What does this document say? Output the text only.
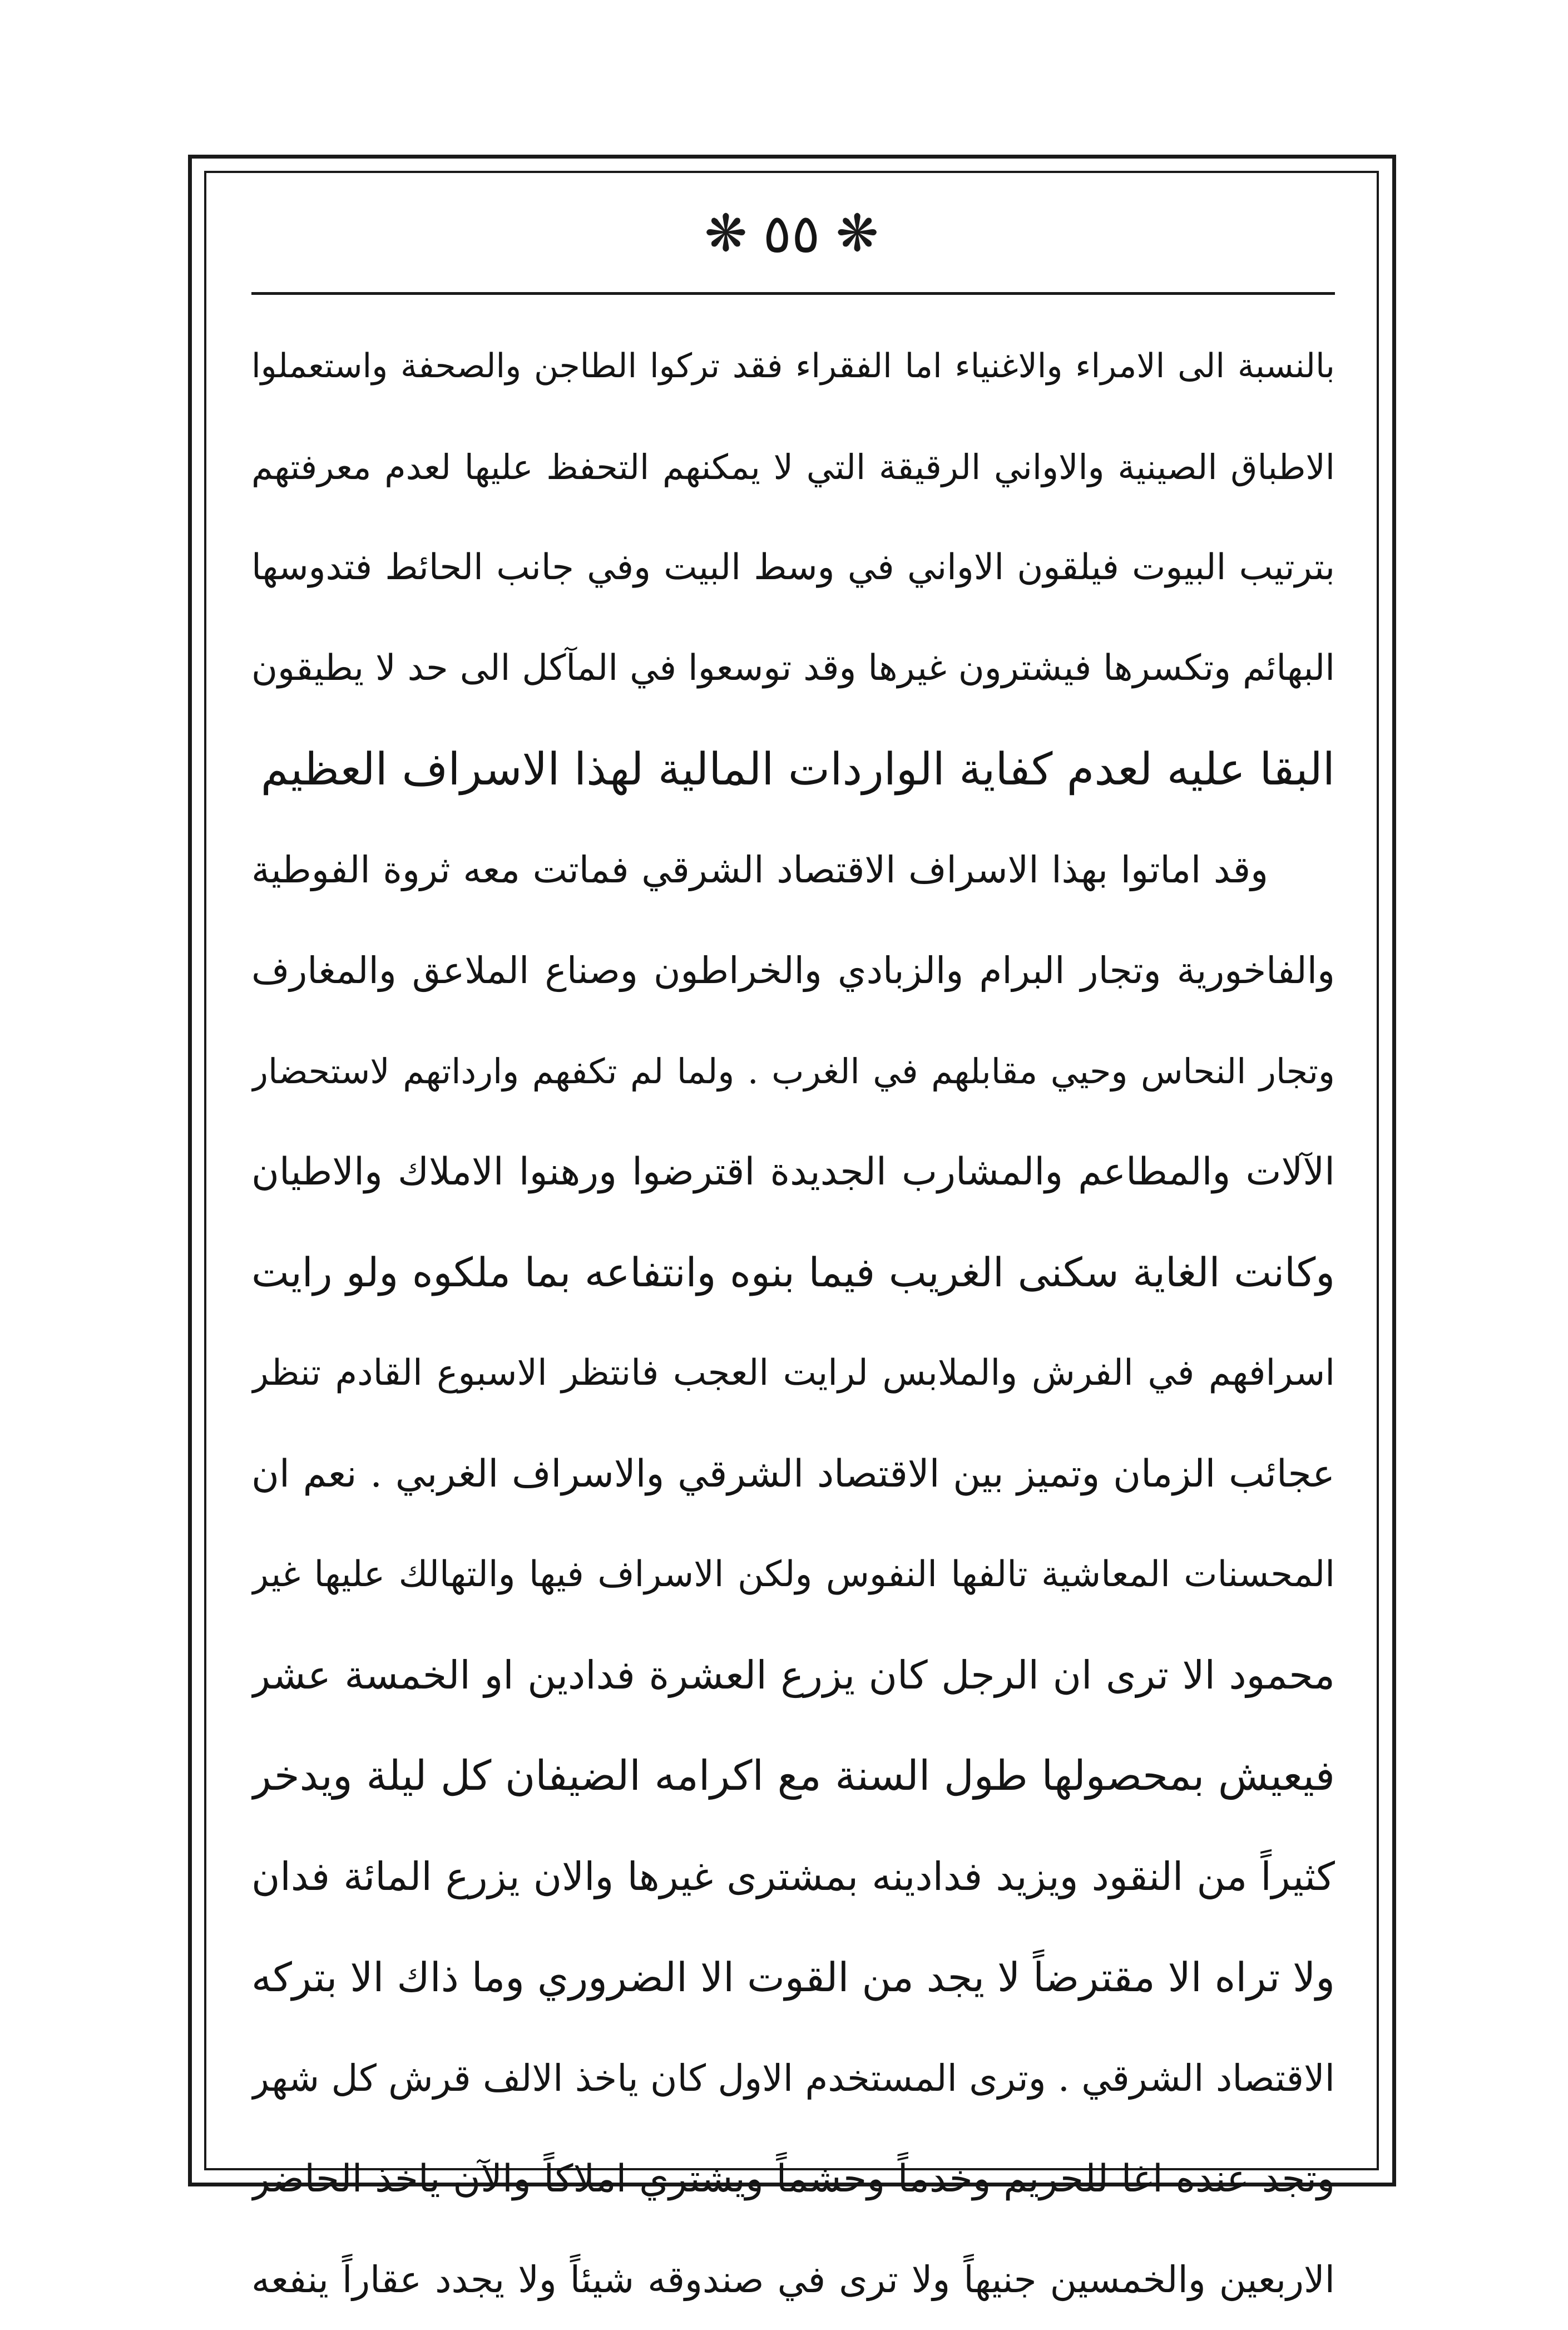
❋ ٥٥ ❋
بالنسبة الى الامراء والاغنياء اما الفقراء فقد تركوا الطاجن والصحفة واستعملوا
الاطباق الصينية والاواني الرقيقة التي لا يمكنهم التحفظ عليها لعدم معرفتهم
بترتيب البيوت فيلقون الاواني في وسط البيت وفي جانب الحائط فتدوسها
البهائم وتكسرها فيشترون غيرها وقد توسعوا في المآكل الى حد لا يطيقون
البقا عليه لعدم كفاية الواردات المالية لهذا الاسراف العظيم
وقد اماتوا بهذا الاسراف الاقتصاد الشرقي فماتت معه ثروة الفوطية
والفاخورية وتجار البرام والزبادي والخراطون وصناع الملاعق والمغارف
وتجار النحاس وحيي مقابلهم في الغرب . ولما لم تكفهم وارداتهم لاستحضار
الآلات والمطاعم والمشارب الجديدة اقترضوا ورهنوا الاملاك والاطيان
وكانت الغاية سكنى الغريب فيما بنوه وانتفاعه بما ملكوه ولو رايت
اسرافهم في الفرش والملابس لرايت العجب فانتظر الاسبوع القادم تنظر
عجائب الزمان وتميز بين الاقتصاد الشرقي والاسراف الغربي . نعم ان
المحسنات المعاشية تالفها النفوس ولكن الاسراف فيها والتهالك عليها غير
محمود الا ترى ان الرجل كان يزرع العشرة فدادين او الخمسة عشر
فيعيش بمحصولها طول السنة مع اكرامه الضيفان كل ليلة ويدخر
كثيراً من النقود ويزيد فدادينه بمشترى غيرها والان يزرع المائة فدان
ولا تراه الا مقترضاً لا يجد من القوت الا الضروري وما ذاك الا بتركه
الاقتصاد الشرقي . وترى المستخدم الاول كان ياخذ الالف قرش كل شهر
وتجد عنده اغا للحريم وخدماً وحشماً ويشتري املاكاً والآن ياخذ الحاضر
الاربعين والخمسين جنيهاً ولا ترى في صندوقه شيئاً ولا يجدد عقاراً ينفعه
